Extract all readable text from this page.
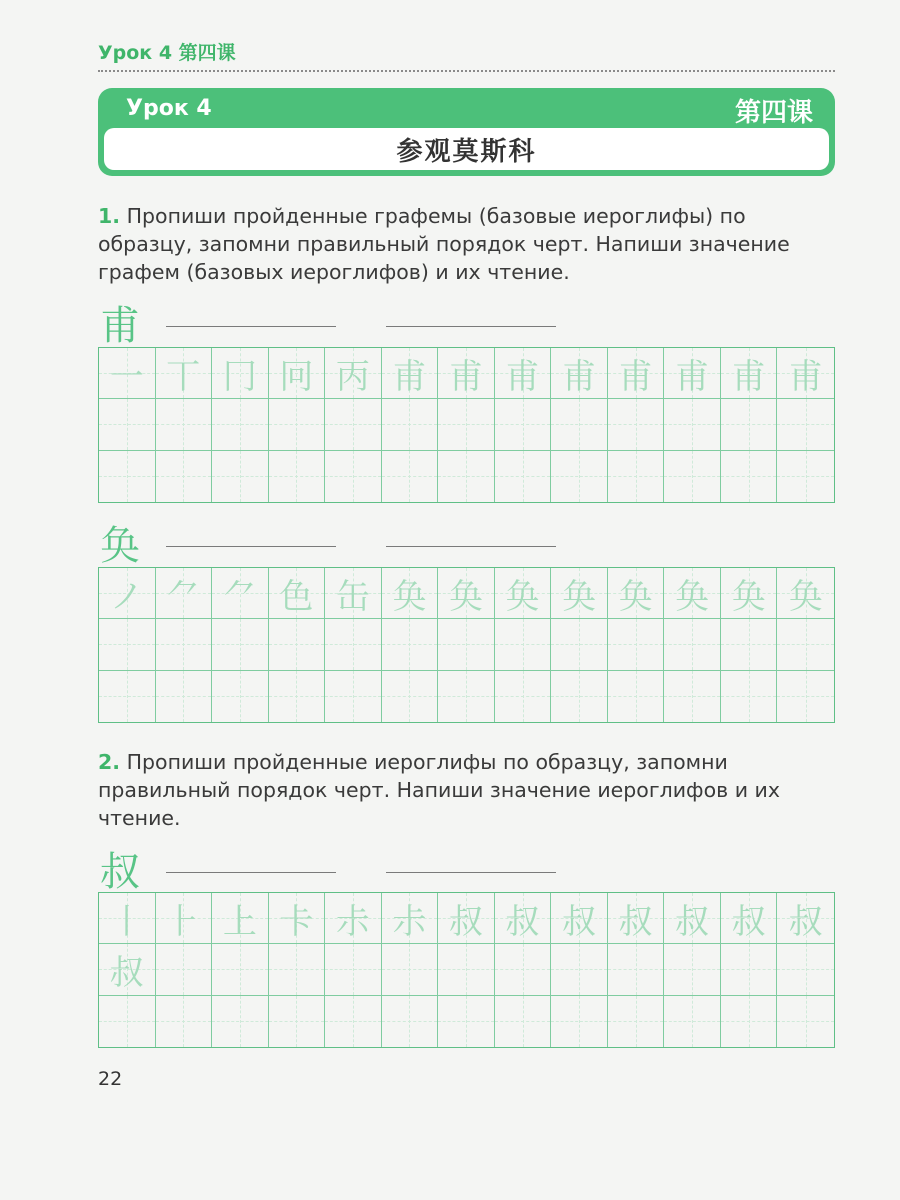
Урок 4 第四课
Урок 4	第四课
参观莫斯科
1. Пропиши пройденные графемы (базовые иероглифы) по образцу, запомни правильный порядок черт. Напиши значение графем (базовых иероглифов) и их чтение.
甫
一 丅 冂 冋 丙 甫 甫 甫 甫 甫 甫 甫 甫
奂
ノ ⺈ ⺈ 色 缶 奂 奂 奂 奂 奂 奂 奂 奂
2. Пропиши пройденные иероглифы по образцу, запомни правильный порядок черт. Напиши значение иероглифов и их чтение.
叔
丨 ⺊ 上 卡 尗 尗 叔 叔 叔 叔 叔 叔 叔
叔
22
